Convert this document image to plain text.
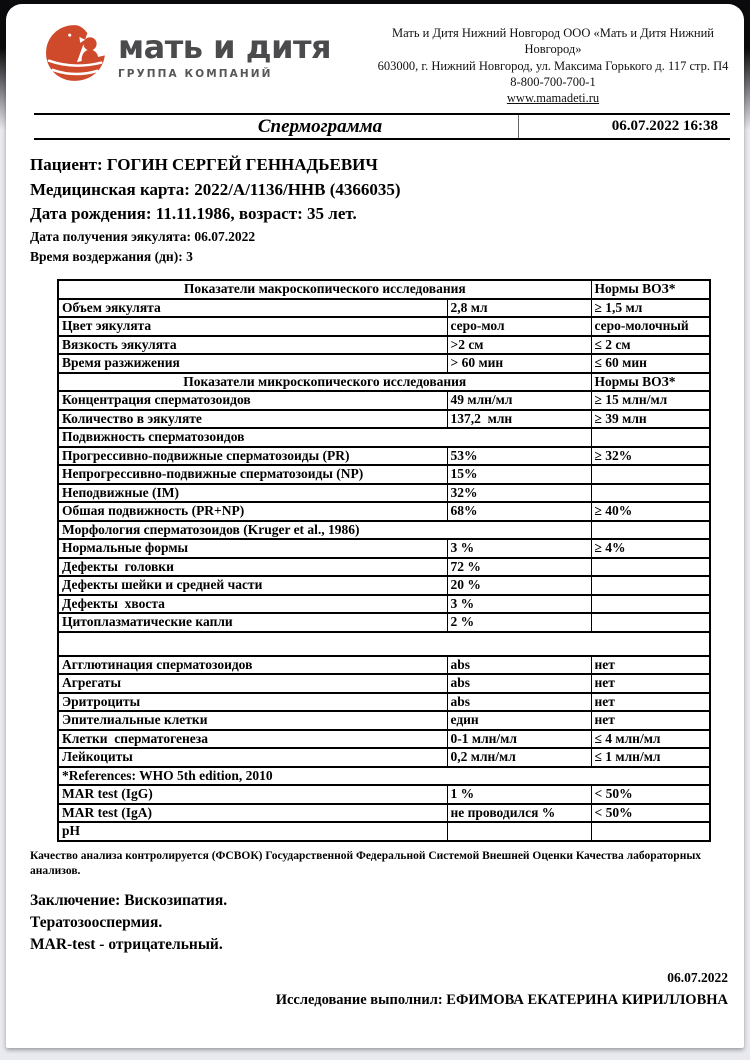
мать и дитя
ГРУППА КОМПАНИЙ
Мать и Дитя Нижний Новгород ООО «Мать и Дитя Нижний Новгород»
603000, г. Нижний Новгород, ул. Максима Горького д. 117 стр. П4
8-800-700-700-1
www.mamadeti.ru
Спермограмма	06.07.2022 16:38
Пациент: ГОГИН СЕРГЕЙ ГЕННАДЬЕВИЧ
Медицинская карта: 2022/А/1136/ННВ (4366035)
Дата рождения: 11.11.1986, возраст: 35 лет.
Дата получения эякулята: 06.07.2022
Время воздержания (дн): 3
Показатели макроскопического исследования		Нормы ВОЗ*
Объем эякулята	2,8 мл	≥ 1,5 мл
Цвет эякулята	серо-мол	серо-молочный
Вязкость эякулята	>2 см	≤ 2 см
Время разжижения	> 60 мин	≤ 60 мин
Показатели микроскопического исследования		Нормы ВОЗ*
Концентрация сперматозоидов	49 млн/мл	≥ 15 млн/мл
Количество в эякуляте	137,2  млн	≥ 39 млн
Подвижность сперматозоидов		
Прогрессивно-подвижные сперматозоиды (PR)	53%	≥ 32%
Непрогрессивно-подвижные сперматозоиды (NP)	15%	
Неподвижные (IM)	32%	
Обшая подвижность (PR+NP)	68%	≥ 40%
Морфология сперматозоидов (Kruger et al., 1986)		
Нормальные формы	3 %	≥ 4%
Дефекты  головки	72 %	
Дефекты шейки и средней части	20 %	
Дефекты  хвоста	3 %	
Цитоплазматические капли	2 %	

Агглютинация сперматозоидов	abs	нет
Агрегаты	abs	нет
Эритроциты	abs	нет
Эпителиальные клетки	един	нет
Клетки  сперматогенеза	0-1 млн/мл	≤ 4 млн/мл
Лейкоциты	0,2 млн/мл	≤ 1 млн/мл
*References: WHO 5th edition, 2010		
MAR test (IgG)	1 %	< 50%
MAR test (IgA)	не проводился %	< 50%
pH		
Качество анализа контролируется (ФСВОК) Государственной Федеральной Системой Внешней Оценки Качества лабораторных анализов.
Заключение: Вискозипатия.
Тератозооспермия.
MAR-test - отрицательный.
06.07.2022
Исследование выполнил: ЕФИМОВА ЕКАТЕРИНА КИРИЛЛОВНА
